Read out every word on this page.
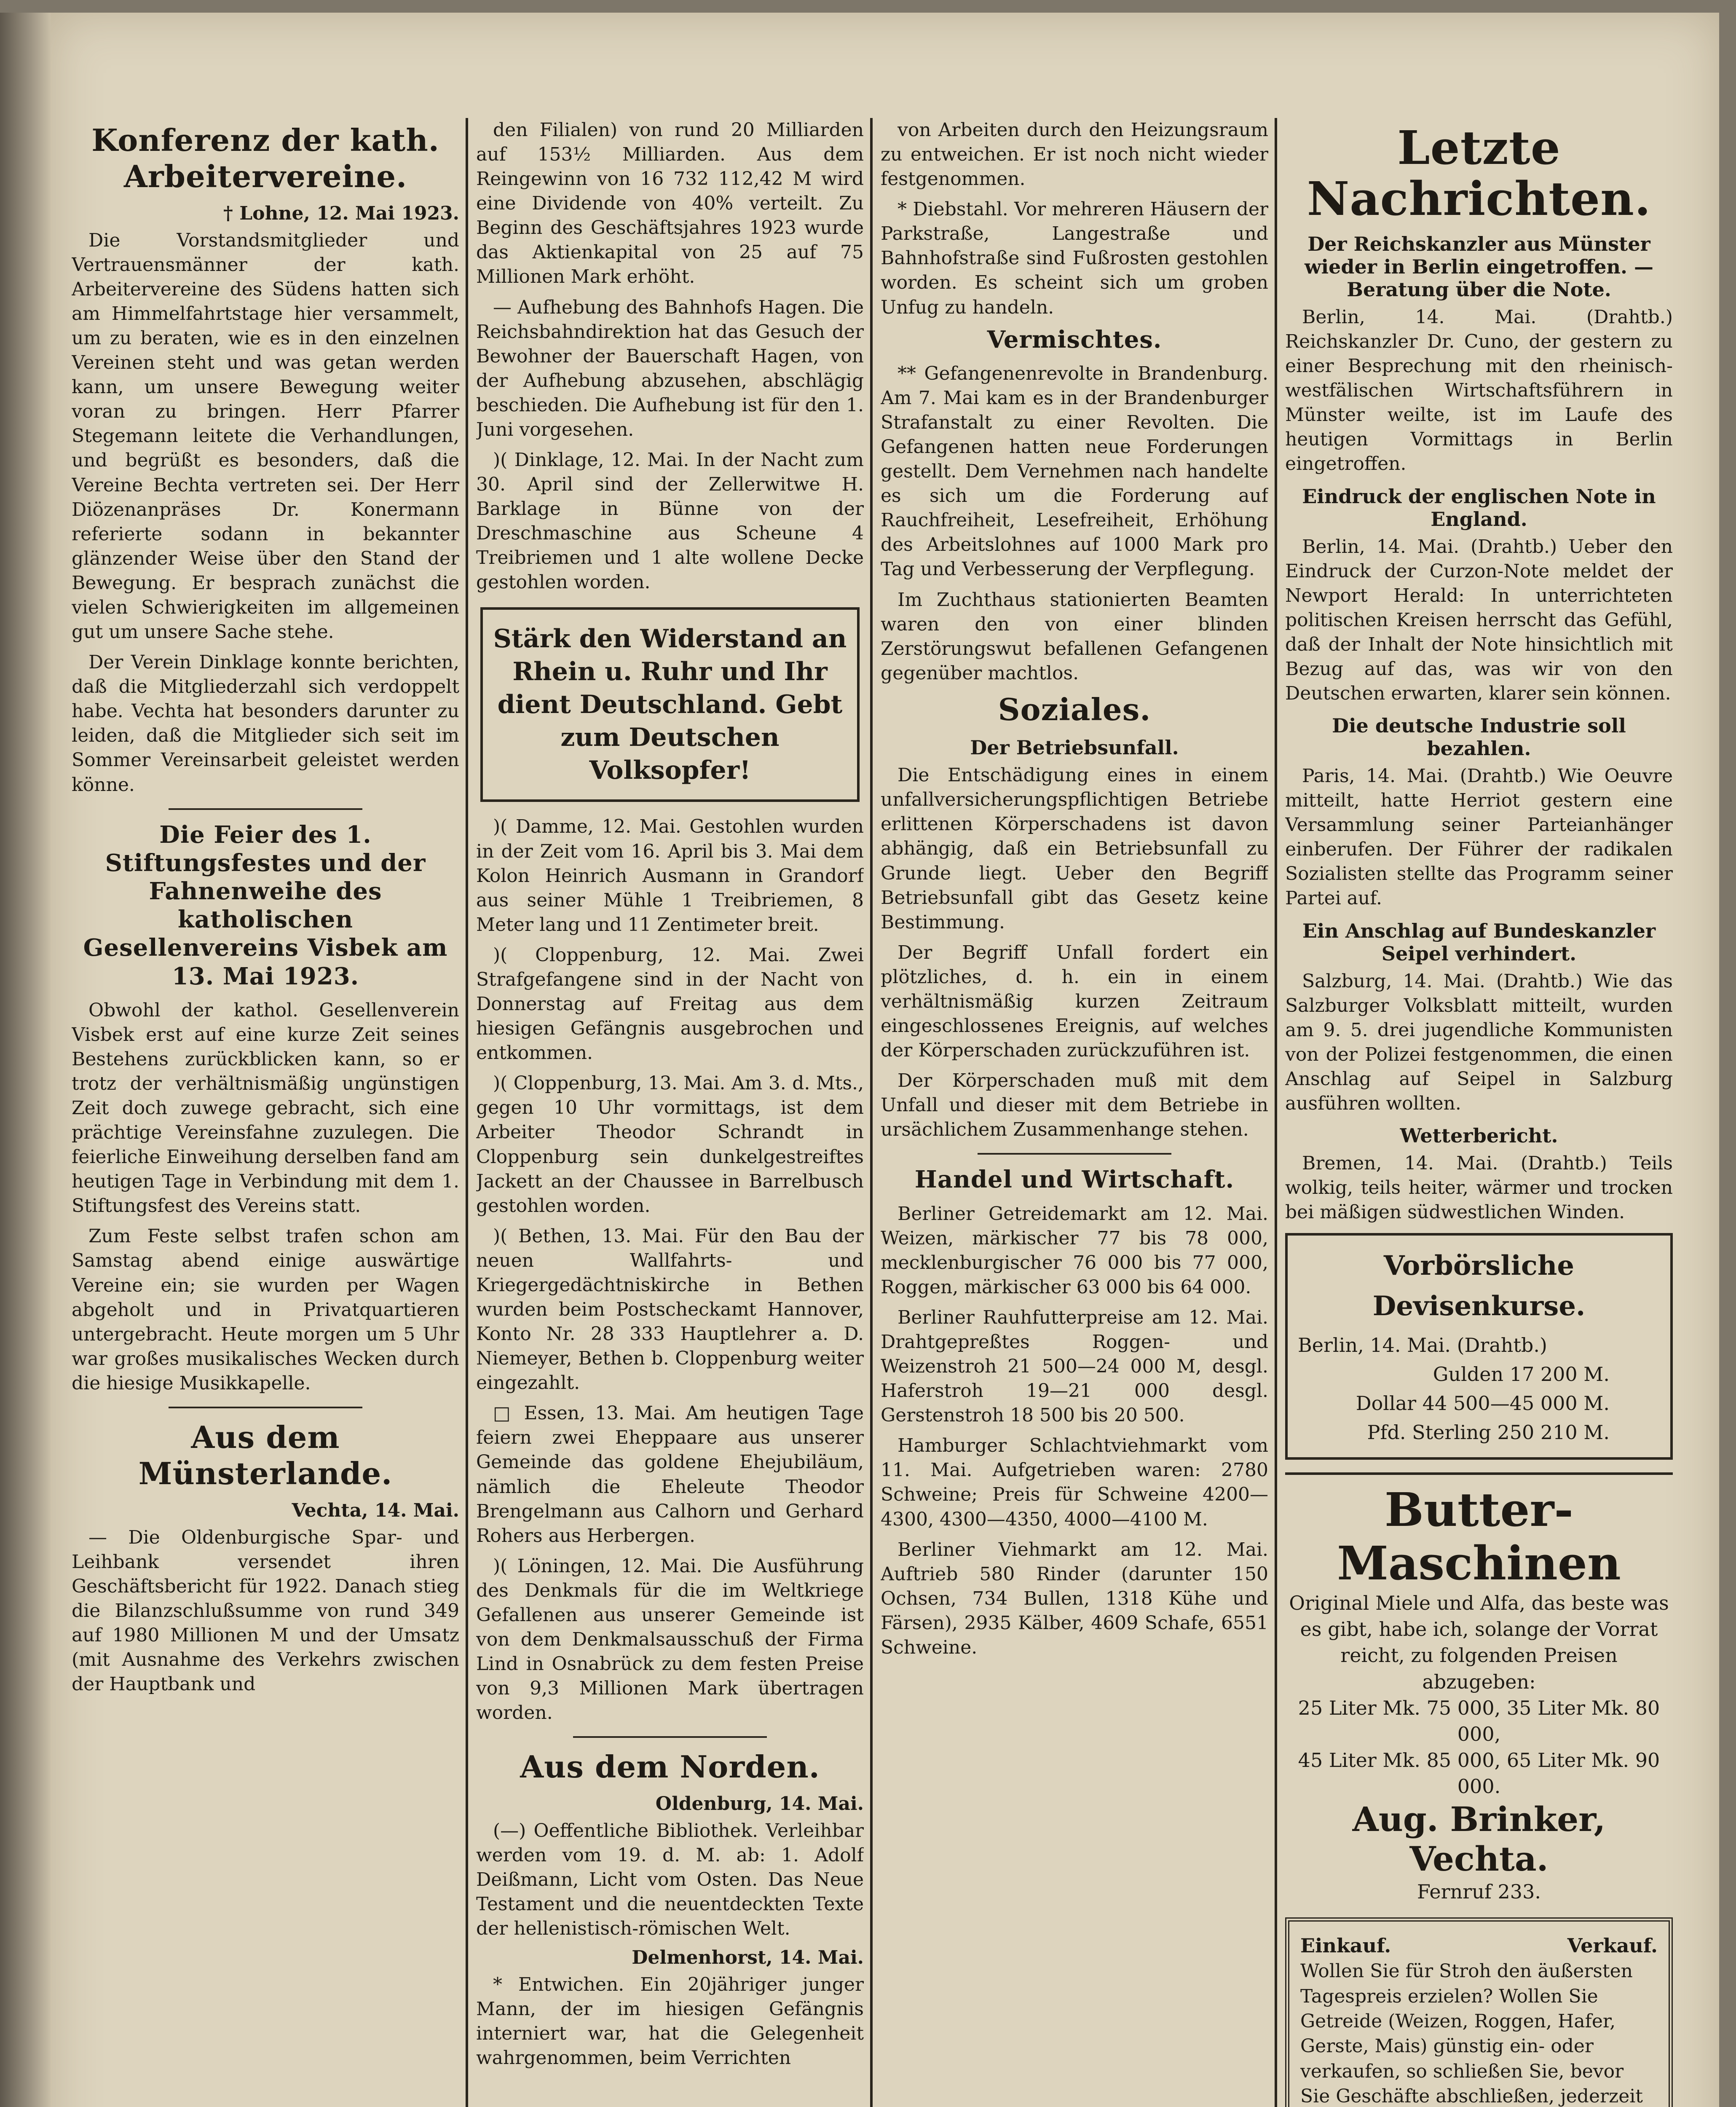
Konferenz der kath. Arbeitervereine.
† Lohne, 12. Mai 1923.

Die Vorstandsmitglieder und Vertrauensmänner der kath. Arbeitervereine des Südens hatten sich am Himmelfahrtstage hier versammelt, um zu beraten, wie es in den einzelnen Vereinen steht und was getan werden kann, um unsere Bewegung weiter voran zu bringen. Herr Pfarrer Stegemann leitete die Verhandlungen, und begrüßt es besonders, daß die Vereine Bechta vertreten sei. Der Herr Diözenanpräses Dr. Konermann referierte sodann in bekannter glänzender Weise über den Stand der Bewegung. Er besprach zunächst die vielen Schwierigkeiten im allgemeinen gut um unsere Sache stehe.

Der Verein Dinklage konnte berichten, daß die Mitgliederzahl sich verdoppelt habe. Vechta hat besonders darunter zu leiden, daß die Mitglieder sich seit im Sommer Vereinsarbeit geleistet werden könne.

Die Feier des 1. Stiftungsfestes und der Fahnenweihe des katholischen Gesellenvereins Visbek am 13. Mai 1923.

Obwohl der kathol. Gesellenverein Visbek erst auf eine kurze Zeit seines Bestehens zurückblicken kann, so er trotz der verhältnismäßig ungünstigen Zeit doch zuwege gebracht, sich eine prächtige Vereinsfahne zuzulegen. Die feierliche Einweihung derselben fand am heutigen Tage in Verbindung mit dem 1. Stiftungsfest des Vereins statt.

Zum Feste selbst trafen schon am Samstag abend einige auswärtige Vereine ein; sie wurden per Wagen abgeholt und in Privatquartieren untergebracht. Heute morgen um 5 Uhr war großes musikalisches Wecken durch die hiesige Musikkapelle.

Aus dem Münsterlande.
Vechta, 14. Mai.

— Die Oldenburgische Spar- und Leihbank versendet ihren Geschäftsbericht für 1922. Danach stieg die Bilanzschlußsumme von rund 349 auf 1980 Millionen M und der Umsatz (mit Ausnahme des Verkehrs zwischen der Hauptbank und

den Filialen) von rund 20 Milliarden auf 153½ Milliarden. Aus dem Reingewinn von 16 732 112,42 M wird eine Dividende von 40% verteilt. Zu Beginn des Geschäftsjahres 1923 wurde das Aktienkapital von 25 auf 75 Millionen Mark erhöht.

— Aufhebung des Bahnhofs Hagen. Die Reichsbahndirektion hat das Gesuch der Bewohner der Bauerschaft Hagen, von der Aufhebung abzusehen, abschlägig beschieden. Die Aufhebung ist für den 1. Juni vorgesehen.

)( Dinklage, 12. Mai. In der Nacht zum 30. April sind der Zellerwitwe H. Barklage in Bünne von der Dreschmaschine aus Scheune 4 Treibriemen und 1 alte wollene Decke gestohlen worden.

Stärk den Widerstand an Rhein u. Ruhr und Ihr dient Deutschland. Gebt zum Deutschen Volksopfer!

)( Damme, 12. Mai. Gestohlen wurden in der Zeit vom 16. April bis 3. Mai dem Kolon Heinrich Ausmann in Grandorf aus seiner Mühle 1 Treibriemen, 8 Meter lang und 11 Zentimeter breit.

)( Cloppenburg, 12. Mai. Zwei Strafgefangene sind in der Nacht von Donnerstag auf Freitag aus dem hiesigen Gefängnis ausgebrochen und entkommen.

)( Cloppenburg, 13. Mai. Am 3. d. Mts., gegen 10 Uhr vormittags, ist dem Arbeiter Theodor Schrandt in Cloppenburg sein dunkelgestreiftes Jackett an der Chaussee in Barrelbusch gestohlen worden.

)( Bethen, 13. Mai. Für den Bau der neuen Wallfahrts- und Kriegergedächtniskirche in Bethen wurden beim Postscheckamt Hannover, Konto Nr. 28 333 Hauptlehrer a. D. Niemeyer, Bethen b. Cloppenburg weiter eingezahlt.

□ Essen, 13. Mai. Am heutigen Tage feiern zwei Eheppaare aus unserer Gemeinde das goldene Ehejubiläum, nämlich die Eheleute Theodor Brengelmann aus Calhorn und Gerhard Rohers aus Herbergen.

)( Löningen, 12. Mai. Die Ausführung des Denkmals für die im Weltkriege Gefallenen aus unserer Gemeinde ist von dem Denkmalsausschuß der Firma Lind in Osnabrück zu dem festen Preise von 9,3 Millionen Mark übertragen worden.

Aus dem Norden.
Oldenburg, 14. Mai.

(—) Oeffentliche Bibliothek. Verleihbar werden vom 19. d. M. ab: 1. Adolf Deißmann, Licht vom Osten. Das Neue Testament und die neuentdeckten Texte der hellenistisch-römischen Welt.

Delmenhorst, 14. Mai.

* Entwichen. Ein 20jähriger junger Mann, der im hiesigen Gefängnis interniert war, hat die Gelegenheit wahrgenommen, beim Verrichten

von Arbeiten durch den Heizungsraum zu entweichen. Er ist noch nicht wieder festgenommen.

* Diebstahl. Vor mehreren Häusern der Parkstraße, Langestraße und Bahnhofstraße sind Fußrosten gestohlen worden. Es scheint sich um groben Unfug zu handeln.

Vermischtes.

** Gefangenenrevolte in Brandenburg. Am 7. Mai kam es in der Brandenburger Strafanstalt zu einer Revolten. Die Gefangenen hatten neue Forderungen gestellt. Dem Vernehmen nach handelte es sich um die Forderung auf Rauchfreiheit, Lesefreiheit, Erhöhung des Arbeitslohnes auf 1000 Mark pro Tag und Verbesserung der Verpflegung.

Im Zuchthaus stationierten Beamten waren den von einer blinden Zerstörungswut befallenen Gefangenen gegenüber machtlos.

Soziales.
Der Betriebsunfall.

Die Entschädigung eines in einem unfallversicherungspflichtigen Betriebe erlittenen Körperschadens ist davon abhängig, daß ein Betriebsunfall zu Grunde liegt. Ueber den Begriff Betriebsunfall gibt das Gesetz keine Bestimmung.

Der Begriff Unfall fordert ein plötzliches, d. h. ein in einem verhältnismäßig kurzen Zeitraum eingeschlossenes Ereignis, auf welches der Körperschaden zurückzuführen ist.

Der Körperschaden muß mit dem Unfall und dieser mit dem Betriebe in ursächlichem Zusammenhange stehen.

Handel und Wirtschaft.

Berliner Getreidemarkt am 12. Mai. Weizen, märkischer 77 bis 78 000, mecklenburgischer 76 000 bis 77 000, Roggen, märkischer 63 000 bis 64 000.

Berliner Rauhfutterpreise am 12. Mai. Drahtgepreßtes Roggen- und Weizenstroh 21 500—24 000 M, desgl. Haferstroh 19—21 000 desgl. Gerstenstroh 18 500 bis 20 500.

Hamburger Schlachtviehmarkt vom 11. Mai. Aufgetrieben waren: 2780 Schweine; Preis für Schweine 4200—4300, 4300—4350, 4000—4100 M.

Berliner Viehmarkt am 12. Mai. Auftrieb 580 Rinder (darunter 150 Ochsen, 734 Bullen, 1318 Kühe und Färsen), 2935 Kälber, 4609 Schafe, 6551 Schweine.

Letzte Nachrichten.
Der Reichskanzler aus Münster wieder in Berlin eingetroffen. — Beratung über die Note.

Berlin, 14. Mai. (Drahtb.) Reichskanzler Dr. Cuno, der gestern zu einer Besprechung mit den rheinisch-westfälischen Wirtschaftsführern in Münster weilte, ist im Laufe des heutigen Vormittags in Berlin eingetroffen.

Eindruck der englischen Note in England.

Berlin, 14. Mai. (Drahtb.) Ueber den Eindruck der Curzon-Note meldet der Newport Herald: In unterrichteten politischen Kreisen herrscht das Gefühl, daß der Inhalt der Note hinsichtlich mit Bezug auf das, was wir von den Deutschen erwarten, klarer sein können.

Die deutsche Industrie soll bezahlen.

Paris, 14. Mai. (Drahtb.) Wie Oeuvre mitteilt, hatte Herriot gestern eine Versammlung seiner Parteianhänger einberufen. Der Führer der radikalen Sozialisten stellte das Programm seiner Partei auf.

Ein Anschlag auf Bundeskanzler Seipel verhindert.

Salzburg, 14. Mai. (Drahtb.) Wie das Salzburger Volksblatt mitteilt, wurden am 9. 5. drei jugendliche Kommunisten von der Polizei festgenommen, die einen Anschlag auf Seipel in Salzburg ausführen wollten.

Wetterbericht.

Bremen, 14. Mai. (Drahtb.) Teils wolkig, teils heiter, wärmer und trocken bei mäßigen südwestlichen Winden.

Vorbörsliche Devisenkurse.
Berlin, 14. Mai. (Drahtb.)
Gulden 17 200 M.
Dollar 44 500—45 000 M.
Pfd. Sterling 250 210 M.
Butter-Maschinen
Original Miele und Alfa, das beste was es gibt, habe ich, solange der Vorrat reicht, zu folgenden Preisen abzugeben:
25 Liter Mk. 75 000, 35 Liter Mk. 80 000,
45 Liter Mk. 85 000, 65 Liter Mk. 90 000.
Aug. Brinker, Vechta.
Fernruf 233.
Einkauf.	Verkauf.
Wollen Sie für Stroh den äußersten Tagespreis erzielen? Wollen Sie Getreide (Weizen, Roggen, Hafer, Gerste, Mais) günstig ein- oder verkaufen, so schließen Sie, bevor Sie Geschäfte abschließen, jederzeit
